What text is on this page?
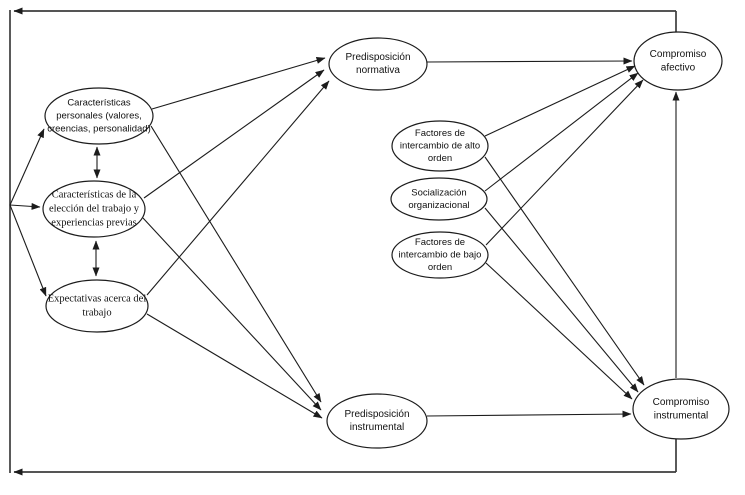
Características personales (valores, creencias, personalidad)
Características de la elección del trabajo y experiencias previas
Expectativas acerca del trabajo
Predisposición normativa
Factores de intercambio de alto orden
Socialización organizacional
Factores de intercambio de bajo orden
Predisposición instrumental
Compromiso afectivo
Compromiso instrumental
